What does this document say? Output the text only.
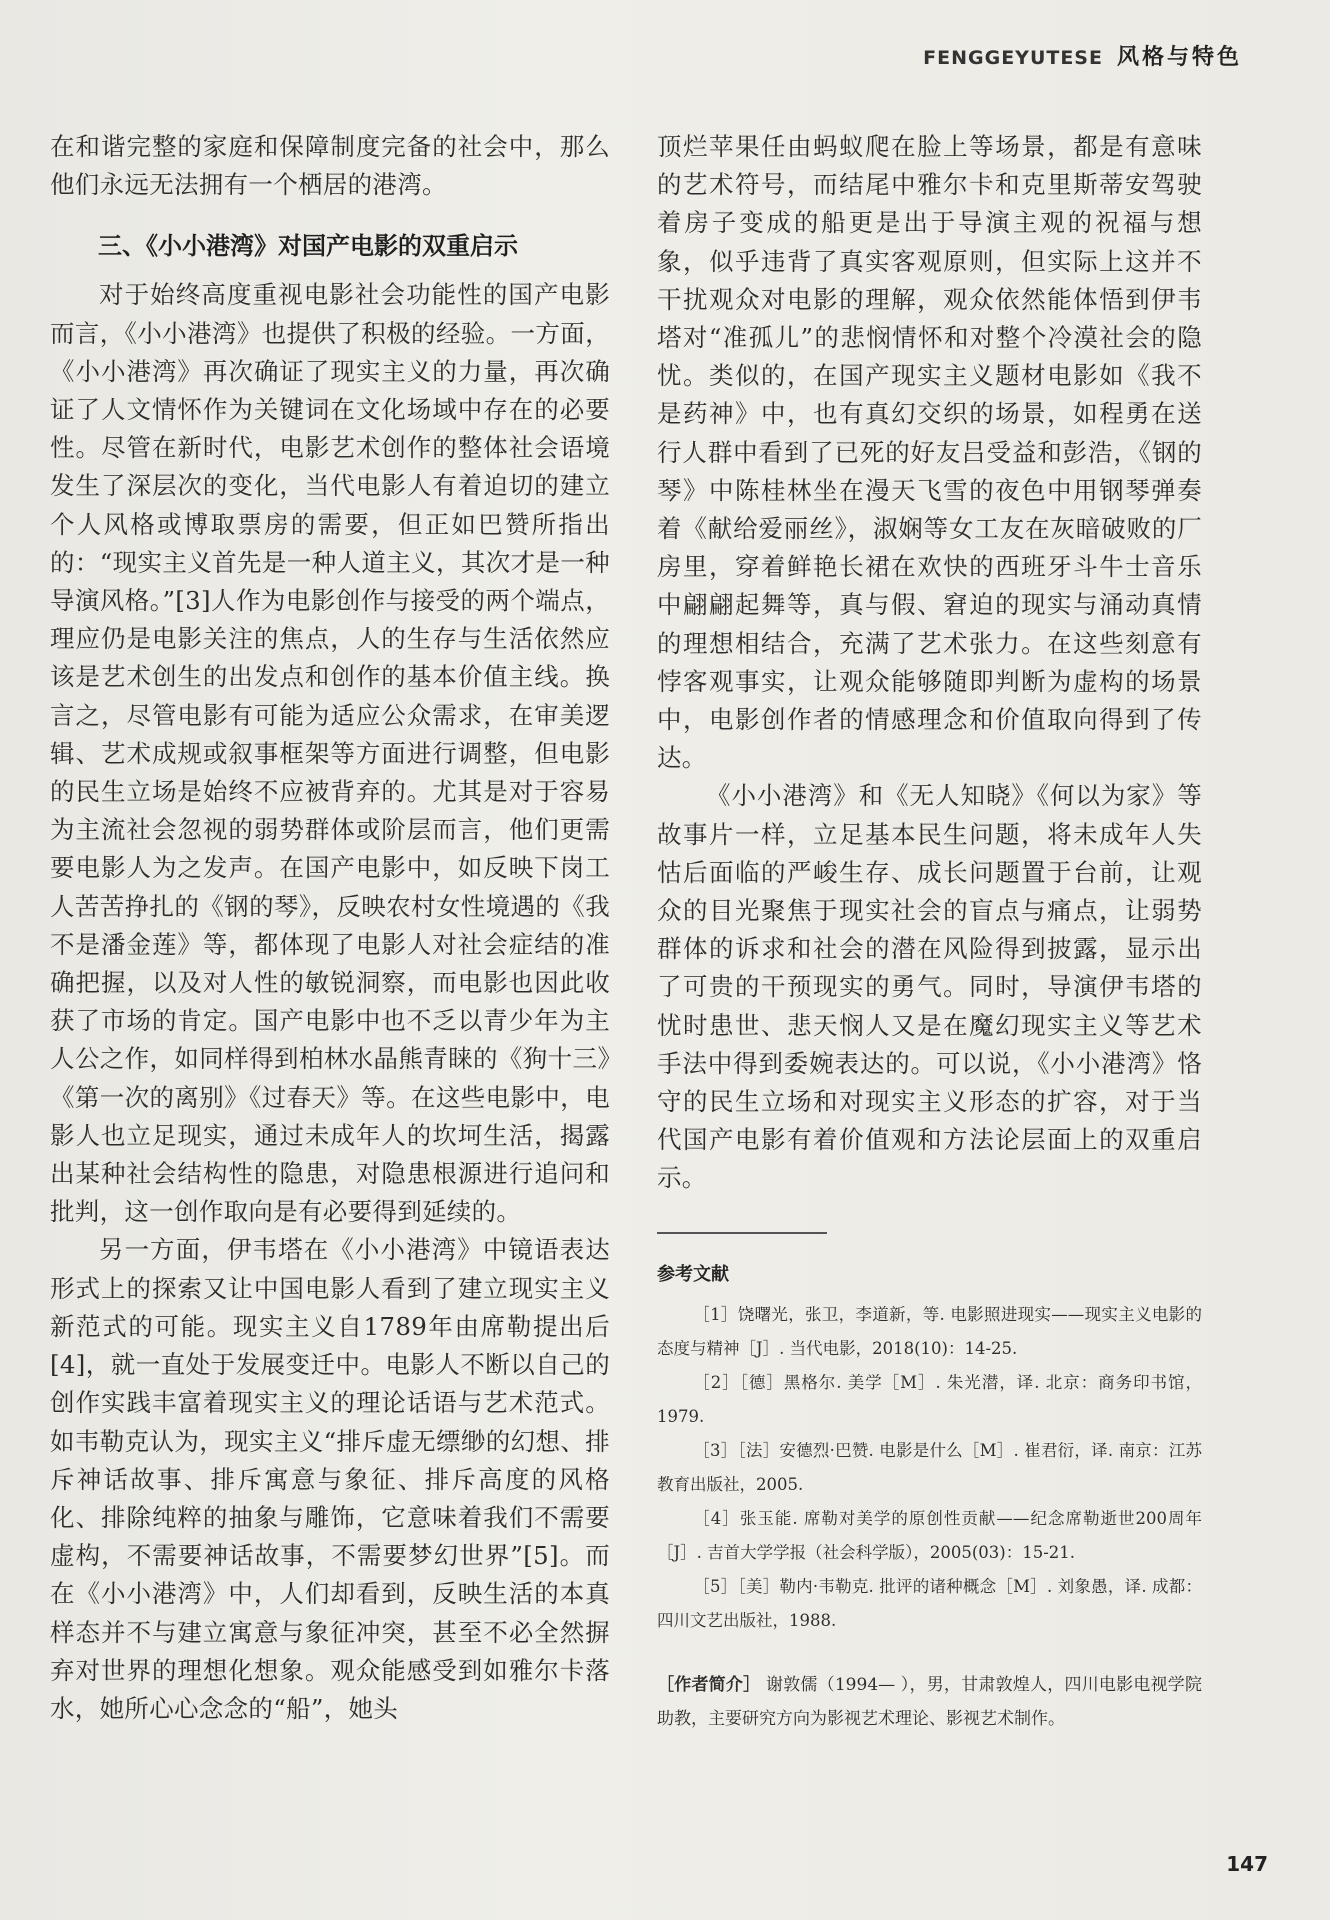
FENGGEYUTESE 风格与特色

在和谐完整的家庭和保障制度完备的社会中，那么他们永远无法拥有一个栖居的港湾。

三、《小小港湾》对国产电影的双重启示

对于始终高度重视电影社会功能性的国产电影而言，《小小港湾》也提供了积极的经验。一方面，《小小港湾》再次确证了现实主义的力量，再次确证了人文情怀作为关键词在文化场域中存在的必要性。尽管在新时代，电影艺术创作的整体社会语境发生了深层次的变化，当代电影人有着迫切的建立个人风格或博取票房的需要，但正如巴赞所指出的：“现实主义首先是一种人道主义，其次才是一种导演风格。”[3]人作为电影创作与接受的两个端点，理应仍是电影关注的焦点，人的生存与生活依然应该是艺术创生的出发点和创作的基本价值主线。换言之，尽管电影有可能为适应公众需求，在审美逻辑、艺术成规或叙事框架等方面进行调整，但电影的民生立场是始终不应被背弃的。尤其是对于容易为主流社会忽视的弱势群体或阶层而言，他们更需要电影人为之发声。在国产电影中，如反映下岗工人苦苦挣扎的《钢的琴》，反映农村女性境遇的《我不是潘金莲》等，都体现了电影人对社会症结的准确把握，以及对人性的敏锐洞察，而电影也因此收获了市场的肯定。国产电影中也不乏以青少年为主人公之作，如同样得到柏林水晶熊青睐的《狗十三》《第一次的离别》《过春天》等。在这些电影中，电影人也立足现实，通过未成年人的坎坷生活，揭露出某种社会结构性的隐患，对隐患根源进行追问和批判，这一创作取向是有必要得到延续的。

另一方面，伊韦塔在《小小港湾》中镜语表达形式上的探索又让中国电影人看到了建立现实主义新范式的可能。现实主义自1789年由席勒提出后[4]，就一直处于发展变迁中。电影人不断以自己的创作实践丰富着现实主义的理论话语与艺术范式。如韦勒克认为，现实主义“排斥虚无缥缈的幻想、排斥神话故事、排斥寓意与象征、排斥高度的风格化、排除纯粹的抽象与雕饰，它意味着我们不需要虚构，不需要神话故事，不需要梦幻世界”[5]。而在《小小港湾》中，人们却看到，反映生活的本真样态并不与建立寓意与象征冲突，甚至不必全然摒弃对世界的理想化想象。观众能感受到如雅尔卡落水，她所心心念念的“船”，她头

顶烂苹果任由蚂蚁爬在脸上等场景，都是有意味的艺术符号，而结尾中雅尔卡和克里斯蒂安驾驶着房子变成的船更是出于导演主观的祝福与想象，似乎违背了真实客观原则，但实际上这并不干扰观众对电影的理解，观众依然能体悟到伊韦塔对“准孤儿”的悲悯情怀和对整个冷漠社会的隐忧。类似的，在国产现实主义题材电影如《我不是药神》中，也有真幻交织的场景，如程勇在送行人群中看到了已死的好友吕受益和彭浩，《钢的琴》中陈桂林坐在漫天飞雪的夜色中用钢琴弹奏着《献给爱丽丝》，淑娴等女工友在灰暗破败的厂房里，穿着鲜艳长裙在欢快的西班牙斗牛士音乐中翩翩起舞等，真与假、窘迫的现实与涌动真情的理想相结合，充满了艺术张力。在这些刻意有悖客观事实，让观众能够随即判断为虚构的场景中，电影创作者的情感理念和价值取向得到了传达。

《小小港湾》和《无人知晓》《何以为家》等故事片一样，立足基本民生问题，将未成年人失怙后面临的严峻生存、成长问题置于台前，让观众的目光聚焦于现实社会的盲点与痛点，让弱势群体的诉求和社会的潜在风险得到披露，显示出了可贵的干预现实的勇气。同时，导演伊韦塔的忧时患世、悲天悯人又是在魔幻现实主义等艺术手法中得到委婉表达的。可以说，《小小港湾》恪守的民生立场和对现实主义形态的扩容，对于当代国产电影有着价值观和方法论层面上的双重启示。

参考文献

［1］饶曙光，张卫，李道新，等. 电影照进现实——现实主义电影的态度与精神［J］. 当代电影，2018(10)：14-25.

［2］［德］黑格尔. 美学［M］. 朱光潜，译. 北京：商务印书馆，1979.

［3］［法］安德烈·巴赞. 电影是什么［M］. 崔君衍，译. 南京：江苏教育出版社，2005.

［4］张玉能. 席勒对美学的原创性贡献——纪念席勒逝世200周年［J］. 吉首大学学报（社会科学版），2005(03)：15-21.

［5］［美］勒内·韦勒克. 批评的诸种概念［M］. 刘象愚，译. 成都：四川文艺出版社，1988.

［作者简介］ 谢敦儒（1994— ），男，甘肃敦煌人，四川电影电视学院助教，主要研究方向为影视艺术理论、影视艺术制作。
147
